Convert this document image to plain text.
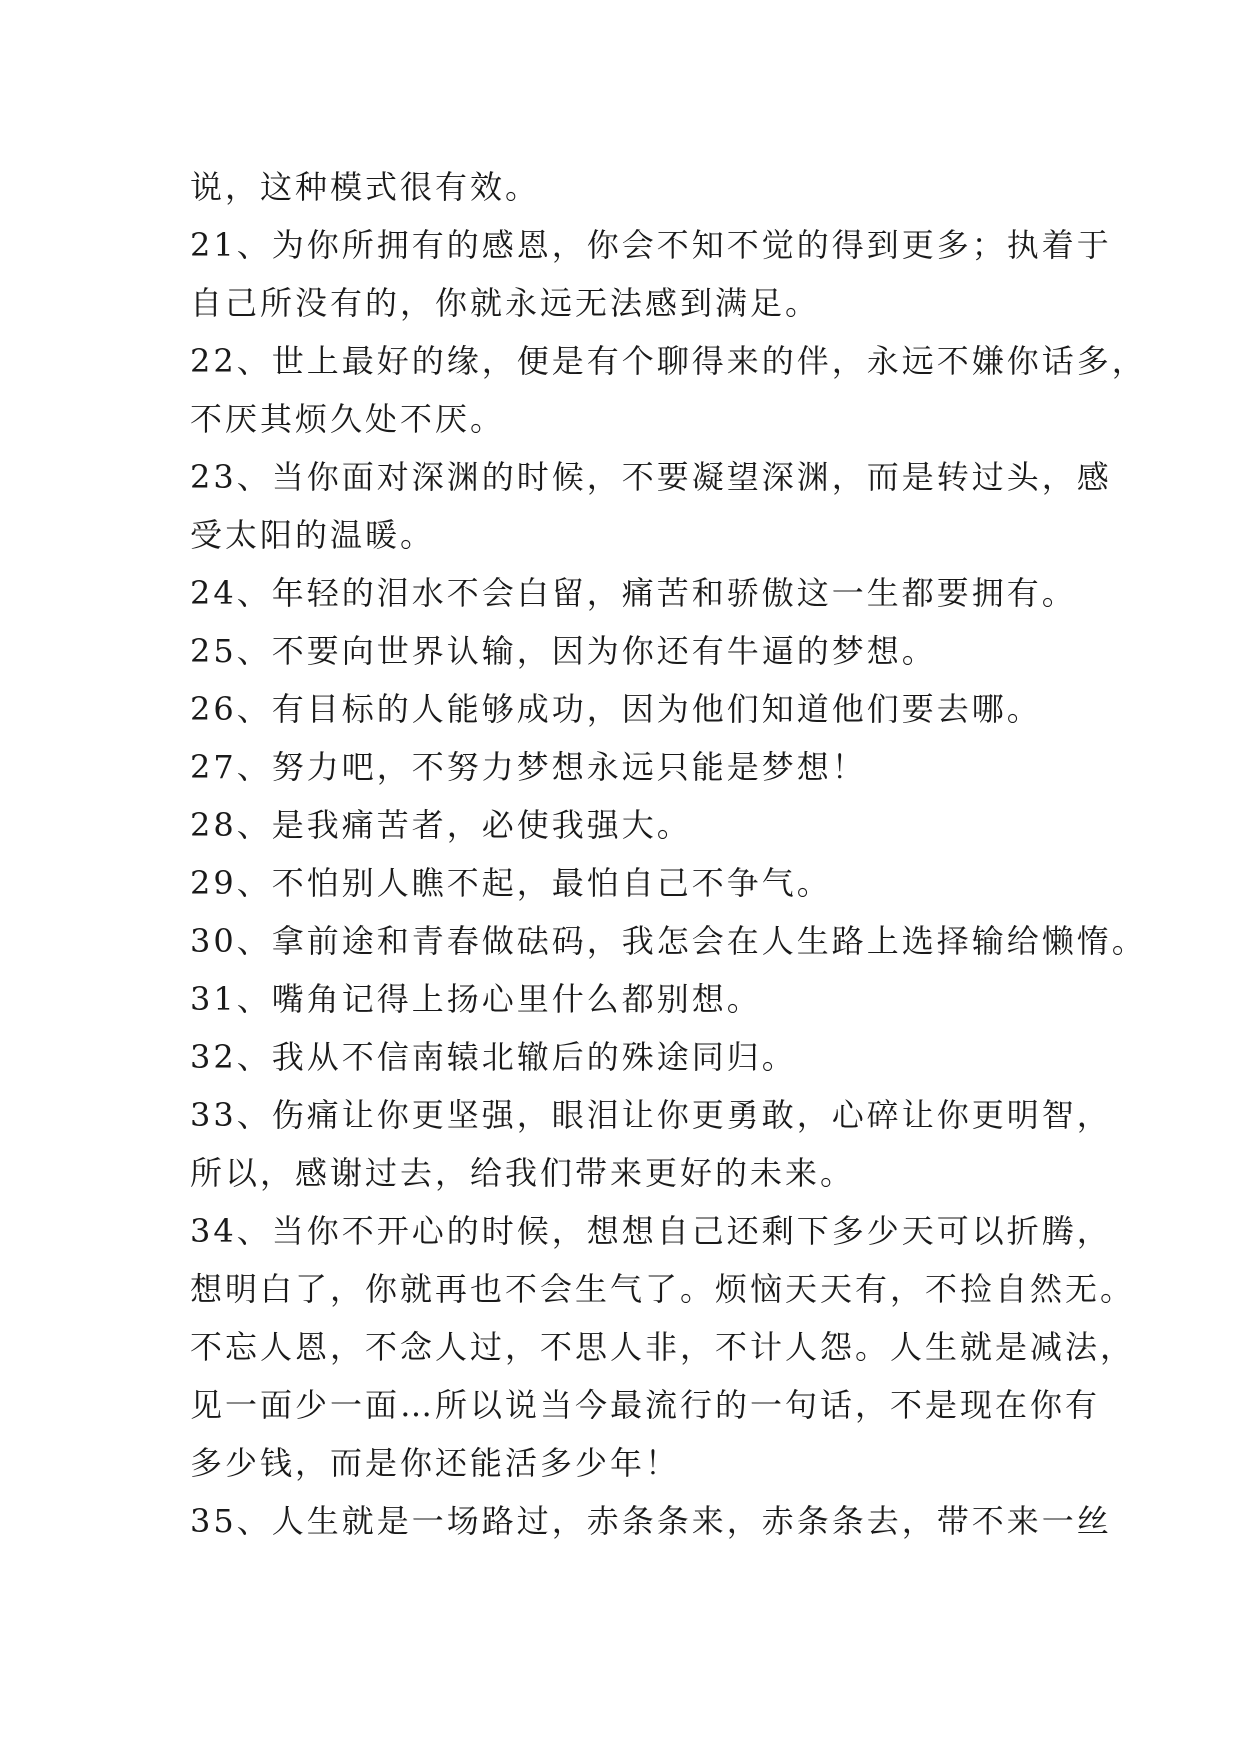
说，这种模式很有效。

21、为你所拥有的感恩，你会不知不觉的得到更多；执着于

自己所没有的，你就永远无法感到满足。

22、世上最好的缘，便是有个聊得来的伴，永远不嫌你话多，

不厌其烦久处不厌。

23、当你面对深渊的时候，不要凝望深渊，而是转过头，感

受太阳的温暖。

24、年轻的泪水不会白留，痛苦和骄傲这一生都要拥有。

25、不要向世界认输，因为你还有牛逼的梦想。

26、有目标的人能够成功，因为他们知道他们要去哪。

27、努力吧，不努力梦想永远只能是梦想！

28、是我痛苦者，必使我强大。

29、不怕别人瞧不起，最怕自己不争气。

30、拿前途和青春做砝码，我怎会在人生路上选择输给懒惰。

31、嘴角记得上扬心里什么都别想。

32、我从不信南辕北辙后的殊途同归。

33、伤痛让你更坚强，眼泪让你更勇敢，心碎让你更明智，

所以，感谢过去，给我们带来更好的未来。

34、当你不开心的时候，想想自己还剩下多少天可以折腾，

想明白了，你就再也不会生气了。烦恼天天有，不捡自然无。

不忘人恩，不念人过，不思人非，不计人怨。人生就是减法，

见一面少一面…所以说当今最流行的一句话，不是现在你有

多少钱，而是你还能活多少年！

35、人生就是一场路过，赤条条来，赤条条去，带不来一丝
